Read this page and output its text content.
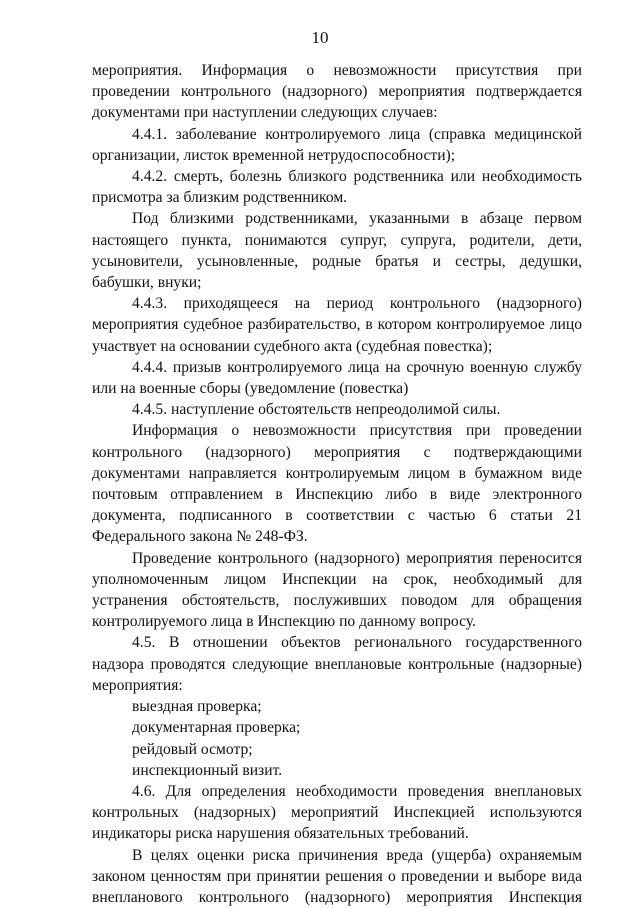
10

мероприятия. Информация о невозможности присутствия при проведении контрольного (надзорного) мероприятия подтверждается документами при наступлении следующих случаев:

4.4.1. заболевание контролируемого лица (справка медицинской организации, листок временной нетрудоспособности);

4.4.2. смерть, болезнь близкого родственника или необходимость присмотра за близким родственником.

Под близкими родственниками, указанными в абзаце первом настоящего пункта, понимаются супруг, супруга, родители, дети, усыновители, усыновленные, родные братья и сестры, дедушки, бабушки, внуки;

4.4.3. приходящееся на период контрольного (надзорного) мероприятия судебное разбирательство, в котором контролируемое лицо участвует на основании судебного акта (судебная повестка);

4.4.4. призыв контролируемого лица на срочную военную службу или на военные сборы (уведомление (повестка)

4.4.5. наступление обстоятельств непреодолимой силы.

Информация о невозможности присутствия при проведении контрольного (надзорного) мероприятия с подтверждающими документами направляется контролируемым лицом в бумажном виде почтовым отправлением в Инспекцию либо в виде электронного документа, подписанного в соответствии с частью 6 статьи 21 Федерального закона № 248-ФЗ.

Проведение контрольного (надзорного) мероприятия переносится уполномоченным лицом Инспекции на срок, необходимый для устранения обстоятельств, послуживших поводом для обращения контролируемого лица в Инспекцию по данному вопросу.

4.5. В отношении объектов регионального государственного надзора проводятся следующие внеплановые контрольные (надзорные) мероприятия:

выездная проверка;

документарная проверка;

рейдовый осмотр;

инспекционный визит.

4.6. Для определения необходимости проведения внеплановых контрольных (надзорных) мероприятий Инспекцией используются индикаторы риска нарушения обязательных требований.

В целях оценки риска причинения вреда (ущерба) охраняемым законом ценностям при принятии решения о проведении и выборе вида внепланового контрольного (надзорного) мероприятия Инспекция
